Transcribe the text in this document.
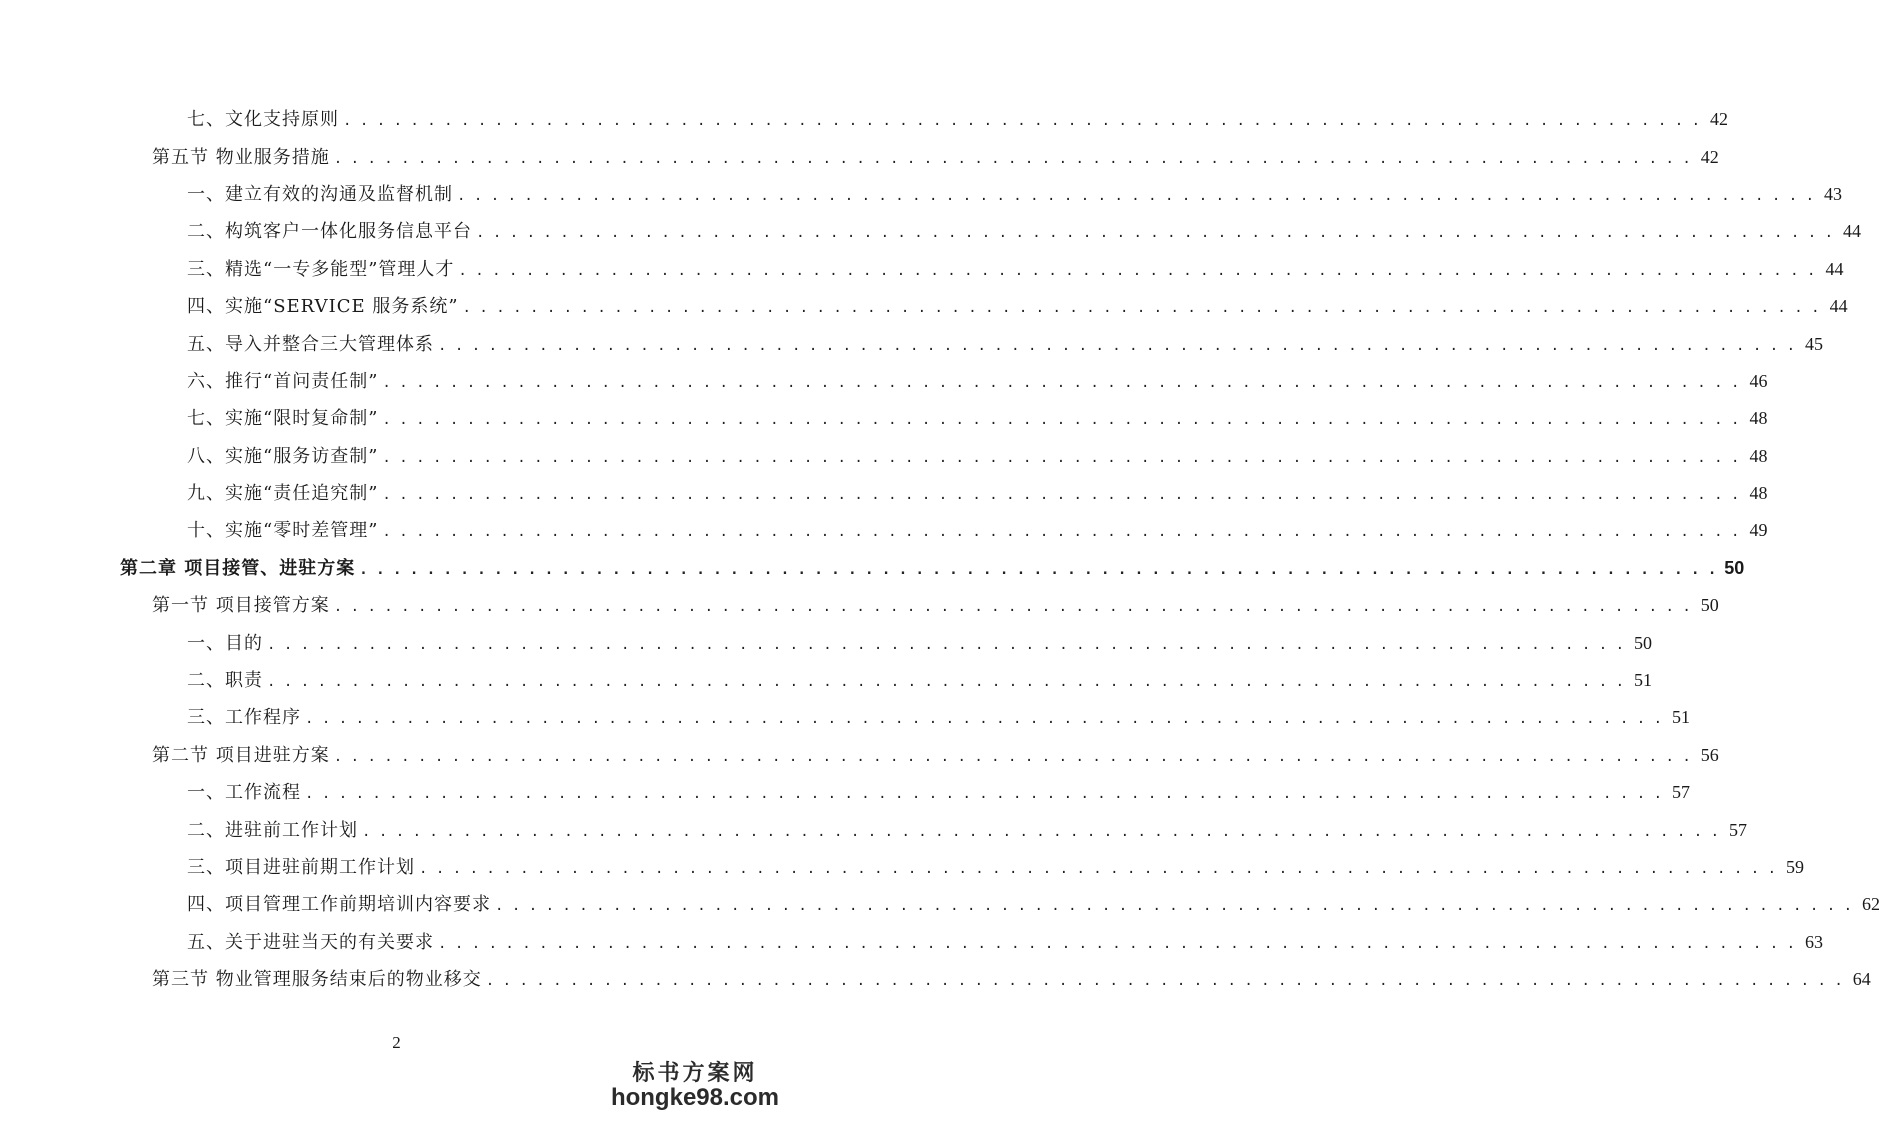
七、文化支持原则 . . .	42
第五节 物业服务措施 . . .	42
一、建立有效的沟通及监督机制 . . .	43
二、构筑客户一体化服务信息平台 . . .	44
三、精选“一专多能型”管理人才 . . .	44
四、实施“SERVICE 服务系统” . . .	44
五、导入并整合三大管理体系 . . .	45
六、推行“首问责任制” . . .	46
七、实施“限时复命制” . . .	48
八、实施“服务访查制” . . .	48
九、实施“责任追究制” . . .	48
十、实施“零时差管理” . . .	49
第二章 项目接管、进驻方案 . . .	50
第一节 项目接管方案 . . .	50
一、目的 . . .	50
二、职责 . . .	51
三、工作程序 . . .	51
第二节 项目进驻方案 . . .	56
一、工作流程 . . .	57
二、进驻前工作计划 . . .	57
三、项目进驻前期工作计划 . . .	59
四、项目管理工作前期培训内容要求 . . .	62
五、关于进驻当天的有关要求 . . .	63
第三节 物业管理服务结束后的物业移交 . . .	64
2
标书方案网
hongke98.com
